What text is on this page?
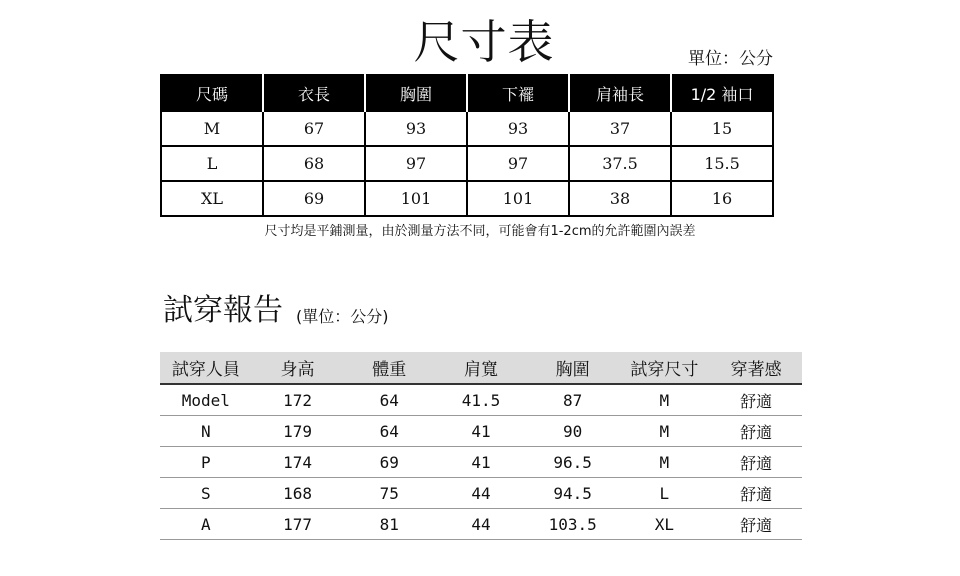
尺寸表	單位：公分
尺碼	衣長	胸圍	下襬	肩袖長	1/2 袖口
M	67	93	93	37	15
L	68	97	97	37.5	15.5
XL	69	101	101	38	16
尺寸均是平鋪測量，由於測量方法不同，可能會有1-2cm的允許範圍內誤差
試穿報告 (單位：公分)
試穿人員	身高	體重	肩寬	胸圍	試穿尺寸	穿著感
Model	172	64	41.5	87	M	舒適
N	179	64	41	90	M	舒適
P	174	69	41	96.5	M	舒適
S	168	75	44	94.5	L	舒適
A	177	81	44	103.5	XL	舒適
